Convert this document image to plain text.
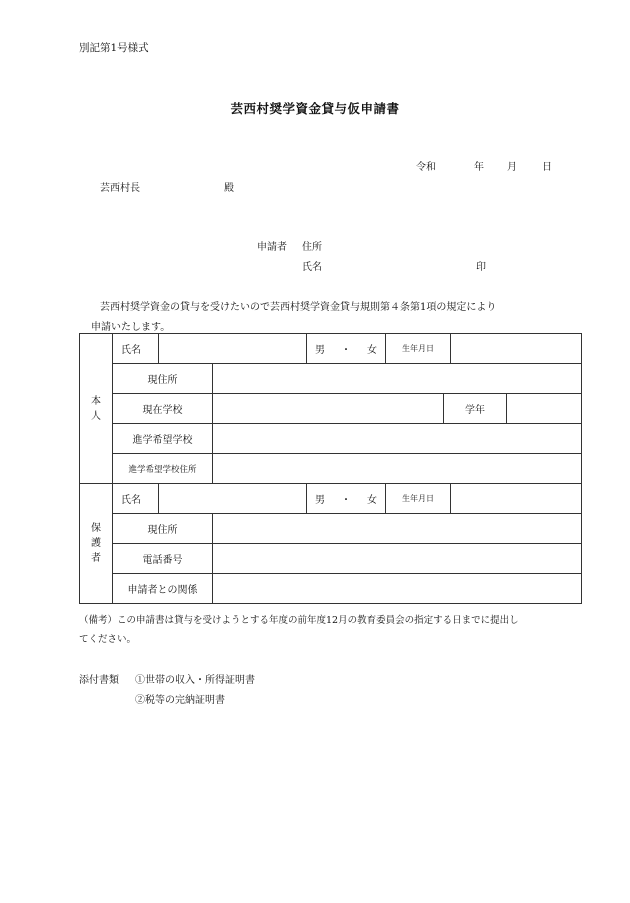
別記第1号様式
芸西村奨学資金貸与仮申請書
令和	年 月	日
芸西村長	殿
申請者 住所
氏名	印
芸西村奨学資金の貸与を受けたいので芸西村奨学資金貸与規則第４条第1項の規定により
申請いたします。
本
人	氏名			男 ・ 女	生年月日			
	現住所							
	現在学校					学年		
	進学希望学校							
	進学希望学校住所							
保
護
者	氏名			男 ・ 女	生年月日			
	現住所							
	電話番号							
	申請者との関係							
（備考）この申請書は貸与を受けようとする年度の前年度12月の教育委員会の指定する日までに提出し
てください。
添付書類 ①世帯の収入・所得証明書
②税等の完納証明書
